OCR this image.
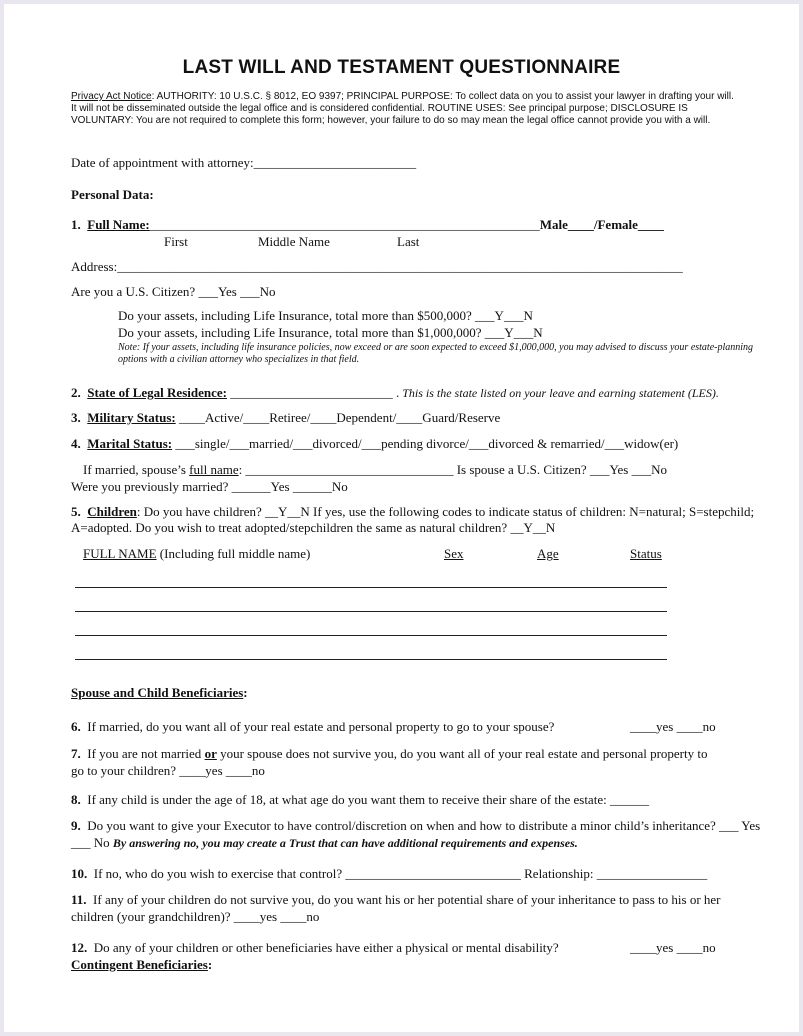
LAST WILL AND TESTAMENT QUESTIONNAIRE
Privacy Act Notice: AUTHORITY: 10 U.S.C. § 8012, EO 9397; PRINCIPAL PURPOSE: To collect data on you to assist your lawyer in drafting your will. It will not be disseminated outside the legal office and is considered confidential. ROUTINE USES: See principal purpose; DISCLOSURE IS VOLUNTARY: You are not required to complete this form; however, your failure to do so may mean the legal office cannot provide you with a will.
Date of appointment with attorney:_________________________
Personal Data:
1. Full Name:____________________________________________________________Male____/Female____
First	Middle Name	Last
Address:_______________________________________________________________________________________
Are you a U.S. Citizen? ___Yes ___No
Do your assets, including Life Insurance, total more than $500,000? ___Y___N
Do your assets, including Life Insurance, total more than $1,000,000? ___Y___N
Note: If your assets, including life insurance policies, now exceed or are soon expected to exceed $1,000,000, you may advised to discuss your estate-planning options with a civilian attorney who specializes in that field.
2. State of Legal Residence: _________________________ . This is the state listed on your leave and earning statement (LES).
3. Military Status: ____Active/____Retiree/____Dependent/____Guard/Reserve
4. Marital Status: ___single/___married/___divorced/___pending divorce/___divorced & remarried/___widow(er)
If married, spouse’s full name: ________________________________ Is spouse a U.S. Citizen? ___Yes ___No
Were you previously married? ______Yes ______No
5. Children: Do you have children? __Y__N If yes, use the following codes to indicate status of children: N=natural; S=stepchild; A=adopted. Do you wish to treat adopted/stepchildren the same as natural children? __Y__N
FULL NAME (Including full middle name)	Sex	Age	Status
Spouse and Child Beneficiaries:
6. If married, do you want all of your real estate and personal property to go to your spouse?	____yes ____no
7. If you are not married or your spouse does not survive you, do you want all of your real estate and personal property to go to your children? ____yes ____no
8. If any child is under the age of 18, at what age do you want them to receive their share of the estate: ______
9. Do you want to give your Executor to have control/discretion on when and how to distribute a minor child’s inheritance? ___ Yes ___ No By answering no, you may create a Trust that can have additional requirements and expenses.
10. If no, who do you wish to exercise that control? ___________________________ Relationship: _________________
11. If any of your children do not survive you, do you want his or her potential share of your inheritance to pass to his or her children (your grandchildren)? ____yes ____no
12. Do any of your children or other beneficiaries have either a physical or mental disability?	____yes ____no
Contingent Beneficiaries:
